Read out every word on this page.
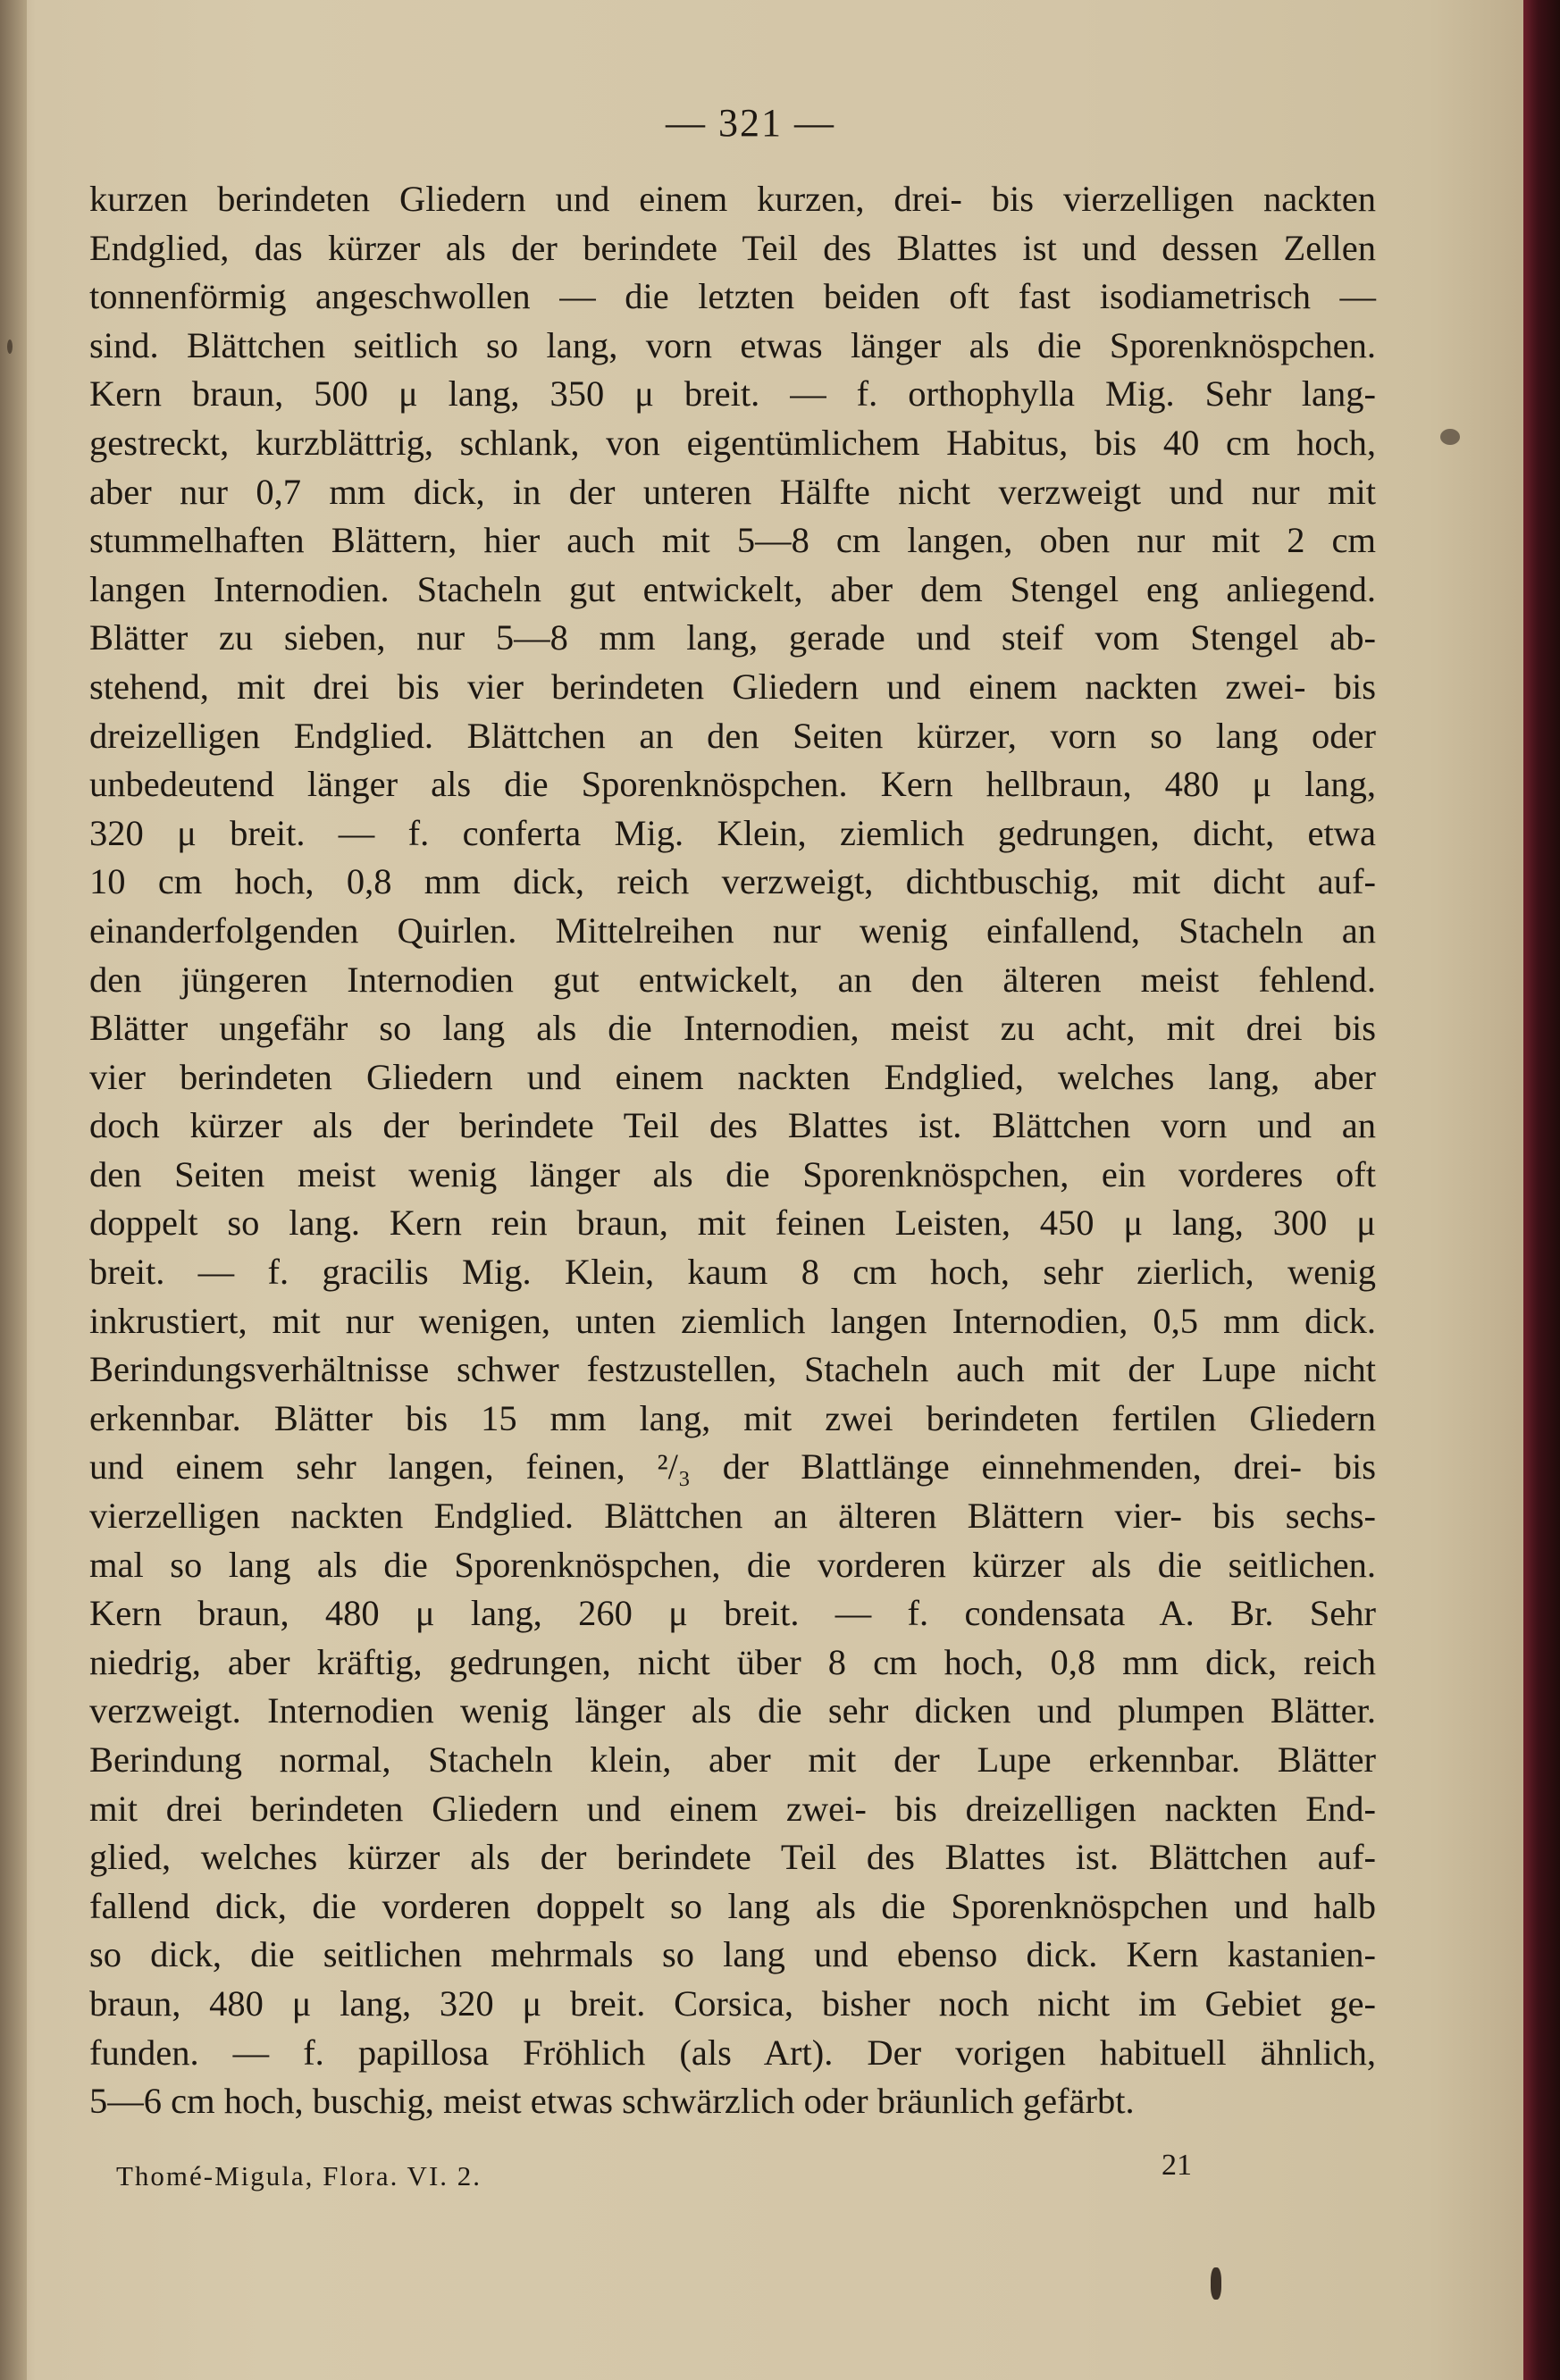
— 321 —
kurzen berindeten Gliedern und einem kurzen, drei- bis vierzelligen nackten
Endglied, das kürzer als der berindete Teil des Blattes ist und dessen Zellen
tonnenförmig angeschwollen — die letzten beiden oft fast isodiametrisch —
sind. Blättchen seitlich so lang, vorn etwas länger als die Sporenknöspchen.
Kern braun, 500 μ lang, 350 μ breit. — f. orthophylla Mig. Sehr lang-
gestreckt, kurzblättrig, schlank, von eigentümlichem Habitus, bis 40 cm hoch,
aber nur 0,7 mm dick, in der unteren Hälfte nicht verzweigt und nur mit
stummelhaften Blättern, hier auch mit 5—8 cm langen, oben nur mit 2 cm
langen Internodien. Stacheln gut entwickelt, aber dem Stengel eng anliegend.
Blätter zu sieben, nur 5—8 mm lang, gerade und steif vom Stengel ab-
stehend, mit drei bis vier berindeten Gliedern und einem nackten zwei- bis
dreizelligen Endglied. Blättchen an den Seiten kürzer, vorn so lang oder
unbedeutend länger als die Sporenknöspchen. Kern hellbraun, 480 μ lang,
320 μ breit. — f. conferta Mig. Klein, ziemlich gedrungen, dicht, etwa
10 cm hoch, 0,8 mm dick, reich verzweigt, dichtbuschig, mit dicht auf-
einanderfolgenden Quirlen. Mittelreihen nur wenig einfallend, Stacheln an
den jüngeren Internodien gut entwickelt, an den älteren meist fehlend.
Blätter ungefähr so lang als die Internodien, meist zu acht, mit drei bis
vier berindeten Gliedern und einem nackten Endglied, welches lang, aber
doch kürzer als der berindete Teil des Blattes ist. Blättchen vorn und an
den Seiten meist wenig länger als die Sporenknöspchen, ein vorderes oft
doppelt so lang. Kern rein braun, mit feinen Leisten, 450 μ lang, 300 μ
breit. — f. gracilis Mig. Klein, kaum 8 cm hoch, sehr zierlich, wenig
inkrustiert, mit nur wenigen, unten ziemlich langen Internodien, 0,5 mm dick.
Berindungsverhältnisse schwer festzustellen, Stacheln auch mit der Lupe nicht
erkennbar. Blätter bis 15 mm lang, mit zwei berindeten fertilen Gliedern
und einem sehr langen, feinen, ²/₃ der Blattlänge einnehmenden, drei- bis
vierzelligen nackten Endglied. Blättchen an älteren Blättern vier- bis sechs-
mal so lang als die Sporenknöspchen, die vorderen kürzer als die seitlichen.
Kern braun, 480 μ lang, 260 μ breit. — f. condensata A. Br. Sehr
niedrig, aber kräftig, gedrungen, nicht über 8 cm hoch, 0,8 mm dick, reich
verzweigt. Internodien wenig länger als die sehr dicken und plumpen Blätter.
Berindung normal, Stacheln klein, aber mit der Lupe erkennbar. Blätter
mit drei berindeten Gliedern und einem zwei- bis dreizelligen nackten End-
glied, welches kürzer als der berindete Teil des Blattes ist. Blättchen auf-
fallend dick, die vorderen doppelt so lang als die Sporenknöspchen und halb
so dick, die seitlichen mehrmals so lang und ebenso dick. Kern kastanien-
braun, 480 μ lang, 320 μ breit. Corsica, bisher noch nicht im Gebiet ge-
funden. — f. papillosa Fröhlich (als Art). Der vorigen habituell ähnlich,
5—6 cm hoch, buschig, meist etwas schwärzlich oder bräunlich gefärbt.
Thomé-Migula, Flora. VI. 2.	21
